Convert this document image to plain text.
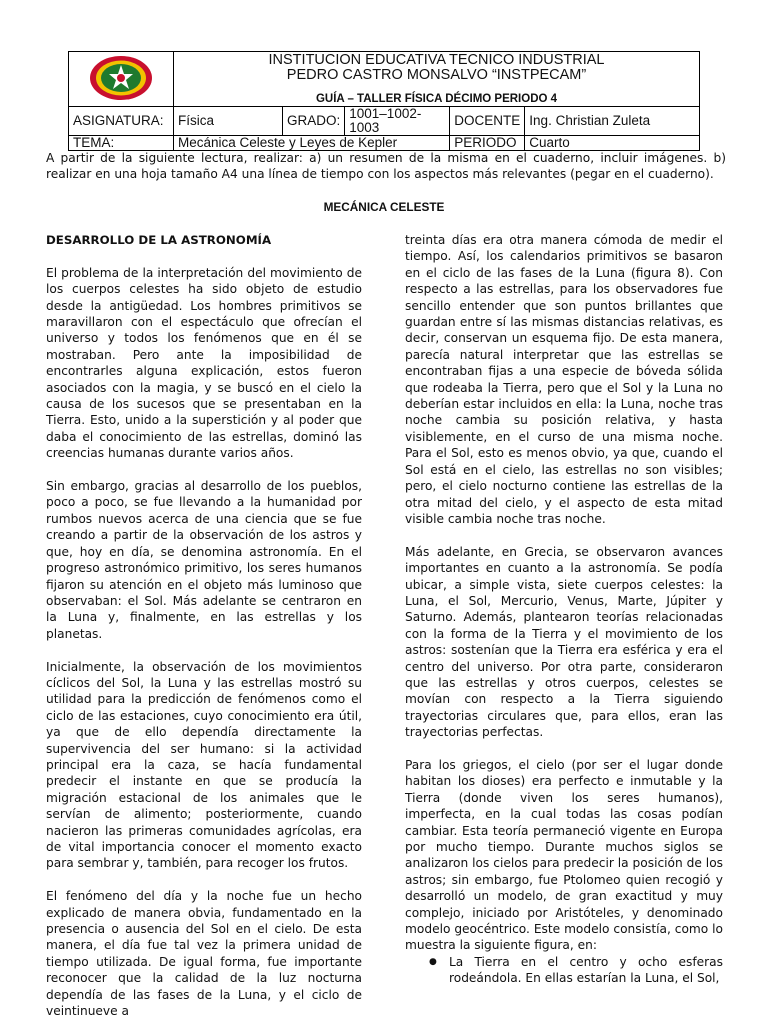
INSTITUCION EDUCATIVA TECNICO INDUSTRIAL
PEDRO CASTRO MONSALVO “INSTPECAM”
GUÍA – TALLER FÍSICA DÉCIMO PERIODO 4				

ASIGNATURA:	Física	GRADO:	1001–1002-1003	DOCENTE	Ing. Christian Zuleta
TEMA:	Mecánica Celeste y Leyes de Kepler			PERIODO	Cuarto

A partir de la siguiente lectura, realizar: a) un resumen de la misma en el cuaderno, incluir imágenes. b) realizar en una hoja tamaño A4 una línea de tiempo con los aspectos más relevantes (pegar en el cuaderno).

MECÁNICA CELESTE
DESARROLLO DE LA ASTRONOMÍA

El problema de la interpretación del movimiento de los cuerpos celestes ha sido objeto de estudio desde la antigüedad. Los hombres primitivos se maravillaron con el espectáculo que ofrecían el universo y todos los fenómenos que en él se mostraban. Pero ante la imposibilidad de encontrarles alguna explicación, estos fueron asociados con la magia, y se buscó en el cielo la causa de los sucesos que se presentaban en la Tierra. Esto, unido a la superstición y al poder que daba el conocimiento de las estrellas, dominó las creencias humanas durante varios años.

Sin embargo, gracias al desarrollo de los pueblos, poco a poco, se fue llevando a la humanidad por rumbos nuevos acerca de una ciencia que se fue creando a partir de la observación de los astros y que, hoy en día, se denomina astronomía. En el progreso astronómico primitivo, los seres humanos fijaron su atención en el objeto más luminoso que observaban: el Sol. Más adelante se centraron en la Luna y, finalmente, en las estrellas y los planetas.

Inicialmente, la observación de los movimientos cíclicos del Sol, la Luna y las estrellas mostró su utilidad para la predicción de fenómenos como el ciclo de las estaciones, cuyo conocimiento era útil, ya que de ello dependía directamente la supervivencia del ser humano: si la actividad principal era la caza, se hacía fundamental predecir el instante en que se producía la migración estacional de los animales que le servían de alimento; posteriormente, cuando nacieron las primeras comunidades agrícolas, era de vital importancia conocer el momento exacto para sembrar y, también, para recoger los frutos.

El fenómeno del día y la noche fue un hecho explicado de manera obvia, fundamentado en la presencia o ausencia del Sol en el cielo. De esta manera, el día fue tal vez la primera unidad de tiempo utilizada. De igual forma, fue importante reconocer que la calidad de la luz nocturna dependía de las fases de la Luna, y el ciclo de veintinueve a

treinta días era otra manera cómoda de medir el tiempo. Así, los calendarios primitivos se basaron en el ciclo de las fases de la Luna (figura 8). Con respecto a las estrellas, para los observadores fue sencillo entender que son puntos brillantes que guardan entre sí las mismas distancias relativas, es decir, conservan un esquema fijo. De esta manera, parecía natural interpretar que las estrellas se encontraban fijas a una especie de bóveda sólida que rodeaba la Tierra, pero que el Sol y la Luna no deberían estar incluidos en ella: la Luna, noche tras noche cambia su posición relativa, y hasta visiblemente, en el curso de una misma noche. Para el Sol, esto es menos obvio, ya que, cuando el Sol está en el cielo, las estrellas no son visibles; pero, el cielo nocturno contiene las estrellas de la otra mitad del cielo, y el aspecto de esta mitad visible cambia noche tras noche.

Más adelante, en Grecia, se observaron avances importantes en cuanto a la astronomía. Se podía ubicar, a simple vista, siete cuerpos celestes: la Luna, el Sol, Mercurio, Venus, Marte, Júpiter y Saturno. Además, plantearon teorías relacionadas con la forma de la Tierra y el movimiento de los astros: sostenían que la Tierra era esférica y era el centro del universo. Por otra parte, consideraron que las estrellas y otros cuerpos, celestes se movían con respecto a la Tierra siguiendo trayectorias circulares que, para ellos, eran las trayectorias perfectas.

Para los griegos, el cielo (por ser el lugar donde habitan los dioses) era perfecto e inmutable y la Tierra (donde viven los seres humanos), imperfecta, en la cual todas las cosas podían cambiar. Esta teoría permaneció vigente en Europa por mucho tiempo. Durante muchos siglos se analizaron los cielos para predecir la posición de los astros; sin embargo, fue Ptolomeo quien recogió y desarrolló un modelo, de gran exactitud y muy complejo, iniciado por Aristóteles, y denominado modelo geocéntrico. Este modelo consistía, como lo muestra la siguiente figura, en:

● La Tierra en el centro y ocho esferas rodeándola. En ellas estarían la Luna, el Sol,
